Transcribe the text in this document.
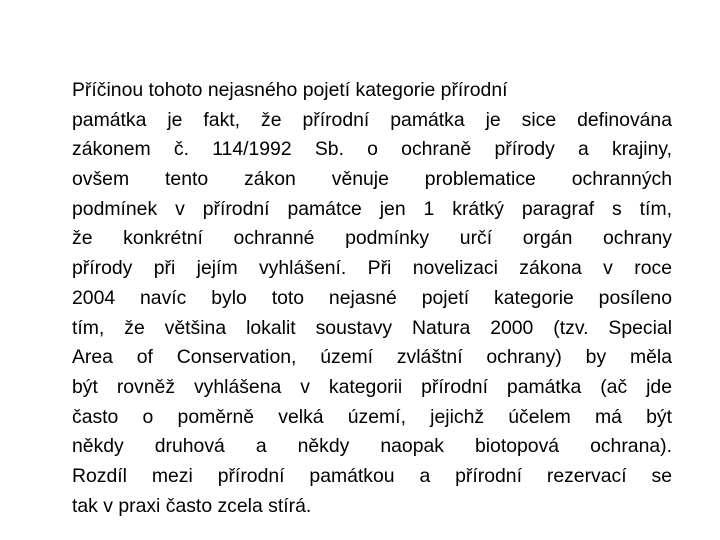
Příčinou tohoto nejasného pojetí kategorie přírodní
památka je fakt, že přírodní památka je sice definována
zákonem č. 114/1992 Sb. o ochraně přírody a krajiny,
ovšem tento zákon věnuje problematice ochranných
podmínek v přírodní památce jen 1 krátký paragraf s tím,
že konkrétní ochranné podmínky určí orgán ochrany
přírody při jejím vyhlášení. Při novelizaci zákona v roce
2004 navíc bylo toto nejasné pojetí kategorie posíleno
tím, že většina lokalit soustavy Natura 2000 (tzv. Special
Area of Conservation, území zvláštní ochrany) by měla
být rovněž vyhlášena v kategorii přírodní památka (ač jde
často o poměrně velká území, jejichž účelem má být
někdy druhová a někdy naopak biotopová ochrana).
Rozdíl mezi přírodní památkou a přírodní rezervací se
tak v praxi často zcela stírá.
